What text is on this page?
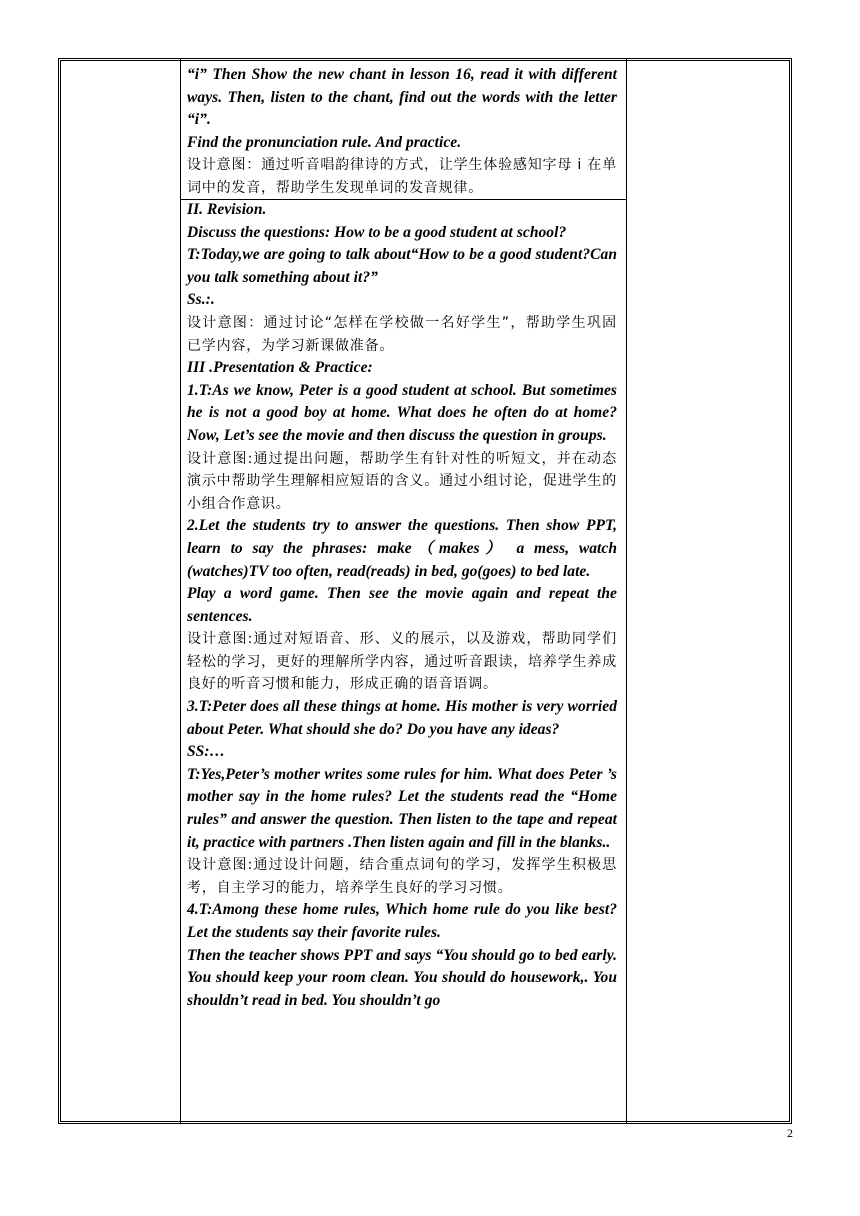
“i” Then Show the new chant in lesson 16, read it with different ways. Then, listen to the chant, find out the words with the letter “i”.

Find the pronunciation rule. And practice.

设计意图：通过听音唱韵律诗的方式，让学生体验感知字母 i 在单词中的发音，帮助学生发现单词的发音规律。

II. Revision.

Discuss the questions: How to be a good student at school?

T:Today,we are going to talk about“How to be a good student?Can you talk something about it?”

Ss.:.

设计意图：通过讨论“怎样在学校做一名好学生”，帮助学生巩固已学内容，为学习新课做准备。

III .Presentation & Practice:

1.T:As we know, Peter is a good student at school. But sometimes he is not a good boy at home. What does he often do at home? Now, Let’s see the movie and then discuss the question in groups.

设计意图:通过提出问题，帮助学生有针对性的听短文，并在动态演示中帮助学生理解相应短语的含义。通过小组讨论，促进学生的小组合作意识。

2.Let the students try to answer the questions. Then show PPT, learn to say the phrases: make（makes） a mess, watch (watches)TV too often, read(reads) in bed, go(goes) to bed late.

Play a word game. Then see the movie again and repeat the sentences.

设计意图:通过对短语音、形、义的展示，以及游戏，帮助同学们轻松的学习，更好的理解所学内容，通过听音跟读，培养学生养成良好的听音习惯和能力，形成正确的语音语调。

3.T:Peter does all these things at home. His mother is very worried about Peter. What should she do? Do you have any ideas?

SS:…

T:Yes,Peter’s mother writes some rules for him. What does Peter ’s mother say in the home rules? Let the students read the “Home rules” and answer the question. Then listen to the tape and repeat it, practice with partners .Then listen again and fill in the blanks..

设计意图:通过设计问题，结合重点词句的学习，发挥学生积极思考，自主学习的能力，培养学生良好的学习习惯。

4.T:Among these home rules, Which home rule do you like best? Let the students say their favorite rules.

Then the teacher shows PPT and says “You should go to bed early. You should keep your room clean. You should do housework,. You shouldn’t read in bed. You shouldn’t go

2
